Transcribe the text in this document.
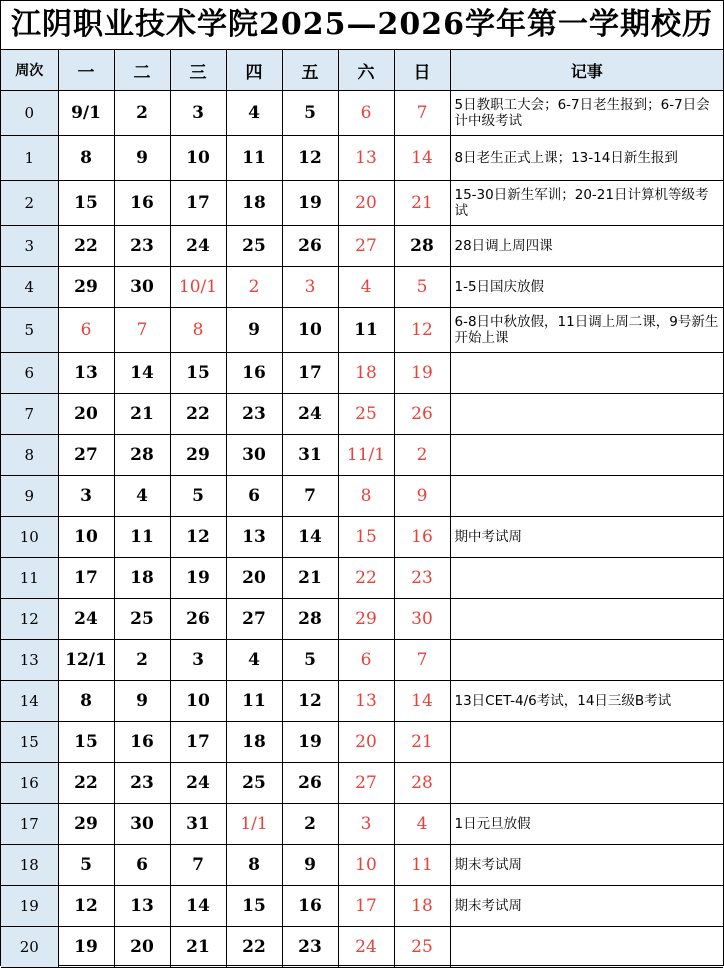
江阴职业技术学院2025—2026学年第一学期校历
周次	一	二	三	四	五	六	日	记事
0	9/1	2	3	4	5	6	7	5日教职工大会；6-7日老生报到；6-7日会计中级考试
1	8	9	10	11	12	13	14	8日老生正式上课；13-14日新生报到
2	15	16	17	18	19	20	21	15-30日新生军训；20-21日计算机等级考试
3	22	23	24	25	26	27	28	28日调上周四课
4	29	30	10/1	2	3	4	5	1-5日国庆放假
5	6	7	8	9	10	11	12	6-8日中秋放假，11日调上周二课，9号新生开始上课
6	13	14	15	16	17	18	19	
7	20	21	22	23	24	25	26	
8	27	28	29	30	31	11/1	2	
9	3	4	5	6	7	8	9	
10	10	11	12	13	14	15	16	期中考试周
11	17	18	19	20	21	22	23	
12	24	25	26	27	28	29	30	
13	12/1	2	3	4	5	6	7	
14	8	9	10	11	12	13	14	13日CET-4/6考试，14日三级B考试
15	15	16	17	18	19	20	21	
16	22	23	24	25	26	27	28	
17	29	30	31	1/1	2	3	4	1日元旦放假
18	5	6	7	8	9	10	11	期末考试周
19	12	13	14	15	16	17	18	期末考试周
20	19	20	21	22	23	24	25	
